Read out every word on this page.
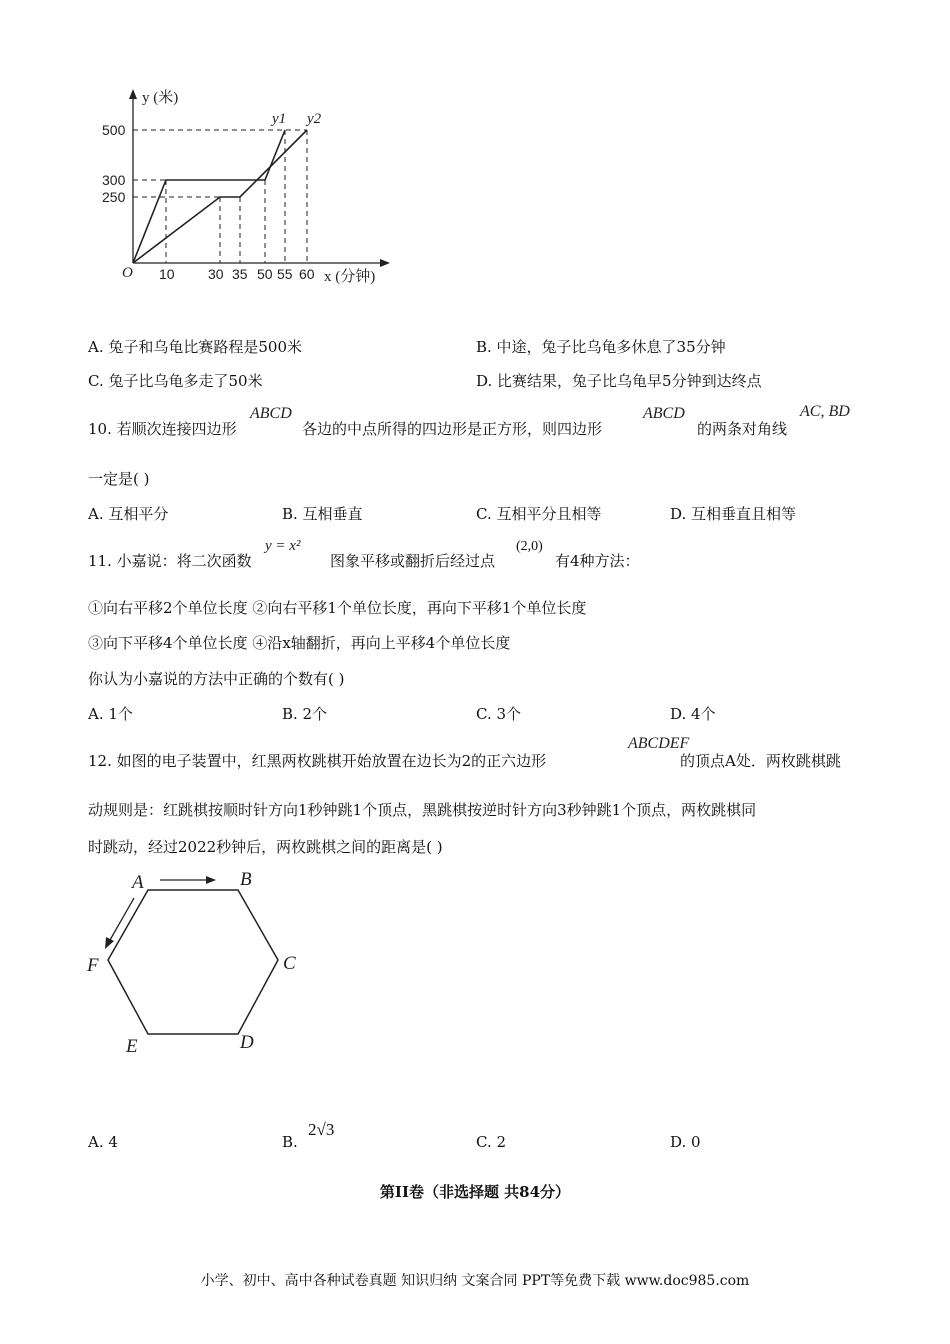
y (米)
O	x (分钟)
500
300
250
10 30 35 50 55 60
y1 y2
A. 兔子和乌龟比赛路程是500米	B. 中途，兔子比乌龟多休息了35分钟
C. 兔子比乌龟多走了50米	D. 比赛结果，兔子比乌龟早5分钟到达终点
10. 若顺次连接四边形
ABCD
各边的中点所得的四边形是正方形，则四边形
ABCD
的两条对角线
AC, BD
一定是( )
A. 互相平分	B. 互相垂直	C. 互相平分且相等	D. 互相垂直且相等
11. 小嘉说：将二次函数
y = x²
图象平移或翻折后经过点
(2,0)
有4种方法：
①向右平移2个单位长度 ②向右平移1个单位长度，再向下平移1个单位长度
③向下平移4个单位长度 ④沿x轴翻折，再向上平移4个单位长度
你认为小嘉说的方法中正确的个数有( )
A. 1个	B. 2个	C. 3个	D. 4个
12. 如图的电子装置中，红黑两枚跳棋开始放置在边长为2的正六边形
ABCDEF
的顶点A处．两枚跳棋跳
动规则是：红跳棋按顺时针方向1秒钟跳1个顶点，黑跳棋按逆时针方向3秒钟跳1个顶点，两枚跳棋同
时跳动，经过2022秒钟后，两枚跳棋之间的距离是( )
A	B
C
D
E
F
A. 4	B.
2√3
C. 2	D. 0
第II卷（非选择题 共84分）
小学、初中、高中各种试卷真题 知识归纳 文案合同 PPT等免费下载 www.doc985.com
